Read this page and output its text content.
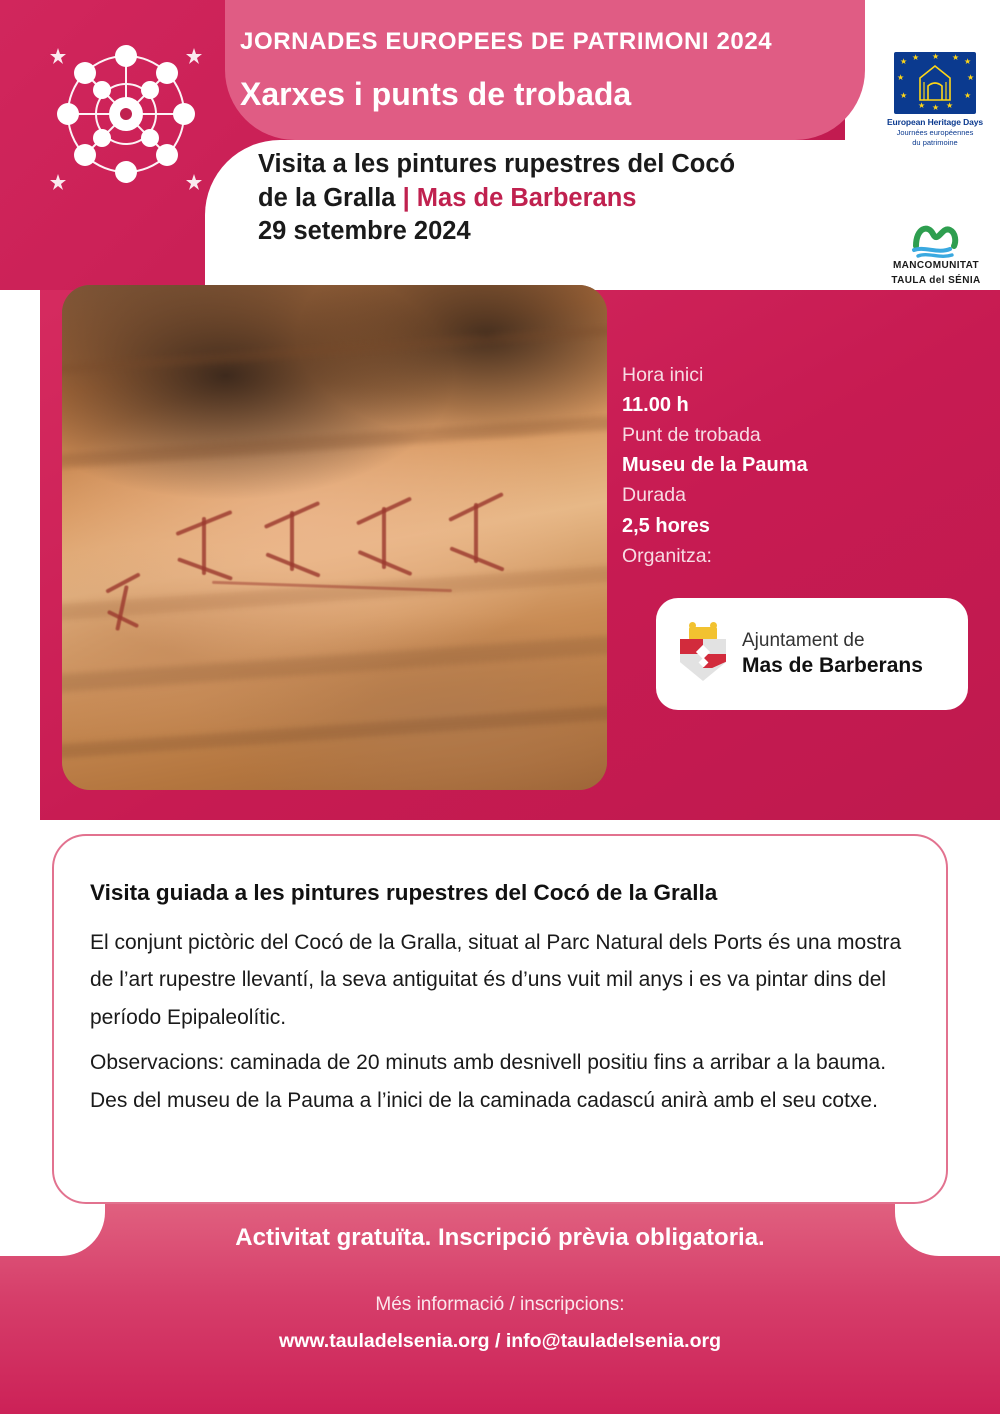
JORNADES EUROPEES DE PATRIMONI 2024
Xarxes i punts de trobada
Visita a les pintures rupestres del Cocó
de la Gralla | Mas de Barberans
29 setembre 2024
★ ★ ★ ★ ★
★	★
★	★
★ ★ ★
European Heritage Days
Journées européennes
du patrimoine
MANCOMUNITAT
TAULA del SÉNIA
Hora inici
11.00 h
Punt de trobada
Museu de la Pauma
Durada
2,5 hores
Organitza:
Ajuntament de
Mas de Barberans
Visita guiada a les pintures rupestres del Cocó de la Gralla
El conjunt pictòric del Cocó de la Gralla, situat al Parc Natural dels Ports és una mostra de l’art rupestre llevantí, la seva antiguitat és d’uns vuit mil anys i es va pintar dins del período Epipaleolític.
Observacions: caminada de 20 minuts amb desnivell positiu fins a arribar a la bauma. Des del museu de la Pauma a l’inici de la caminada cadascú anirà amb el seu cotxe.
Activitat gratuïta. Inscripció prèvia obligatoria.
Més informació / inscripcions:
www.tauladelsenia.org / info@tauladelsenia.org
